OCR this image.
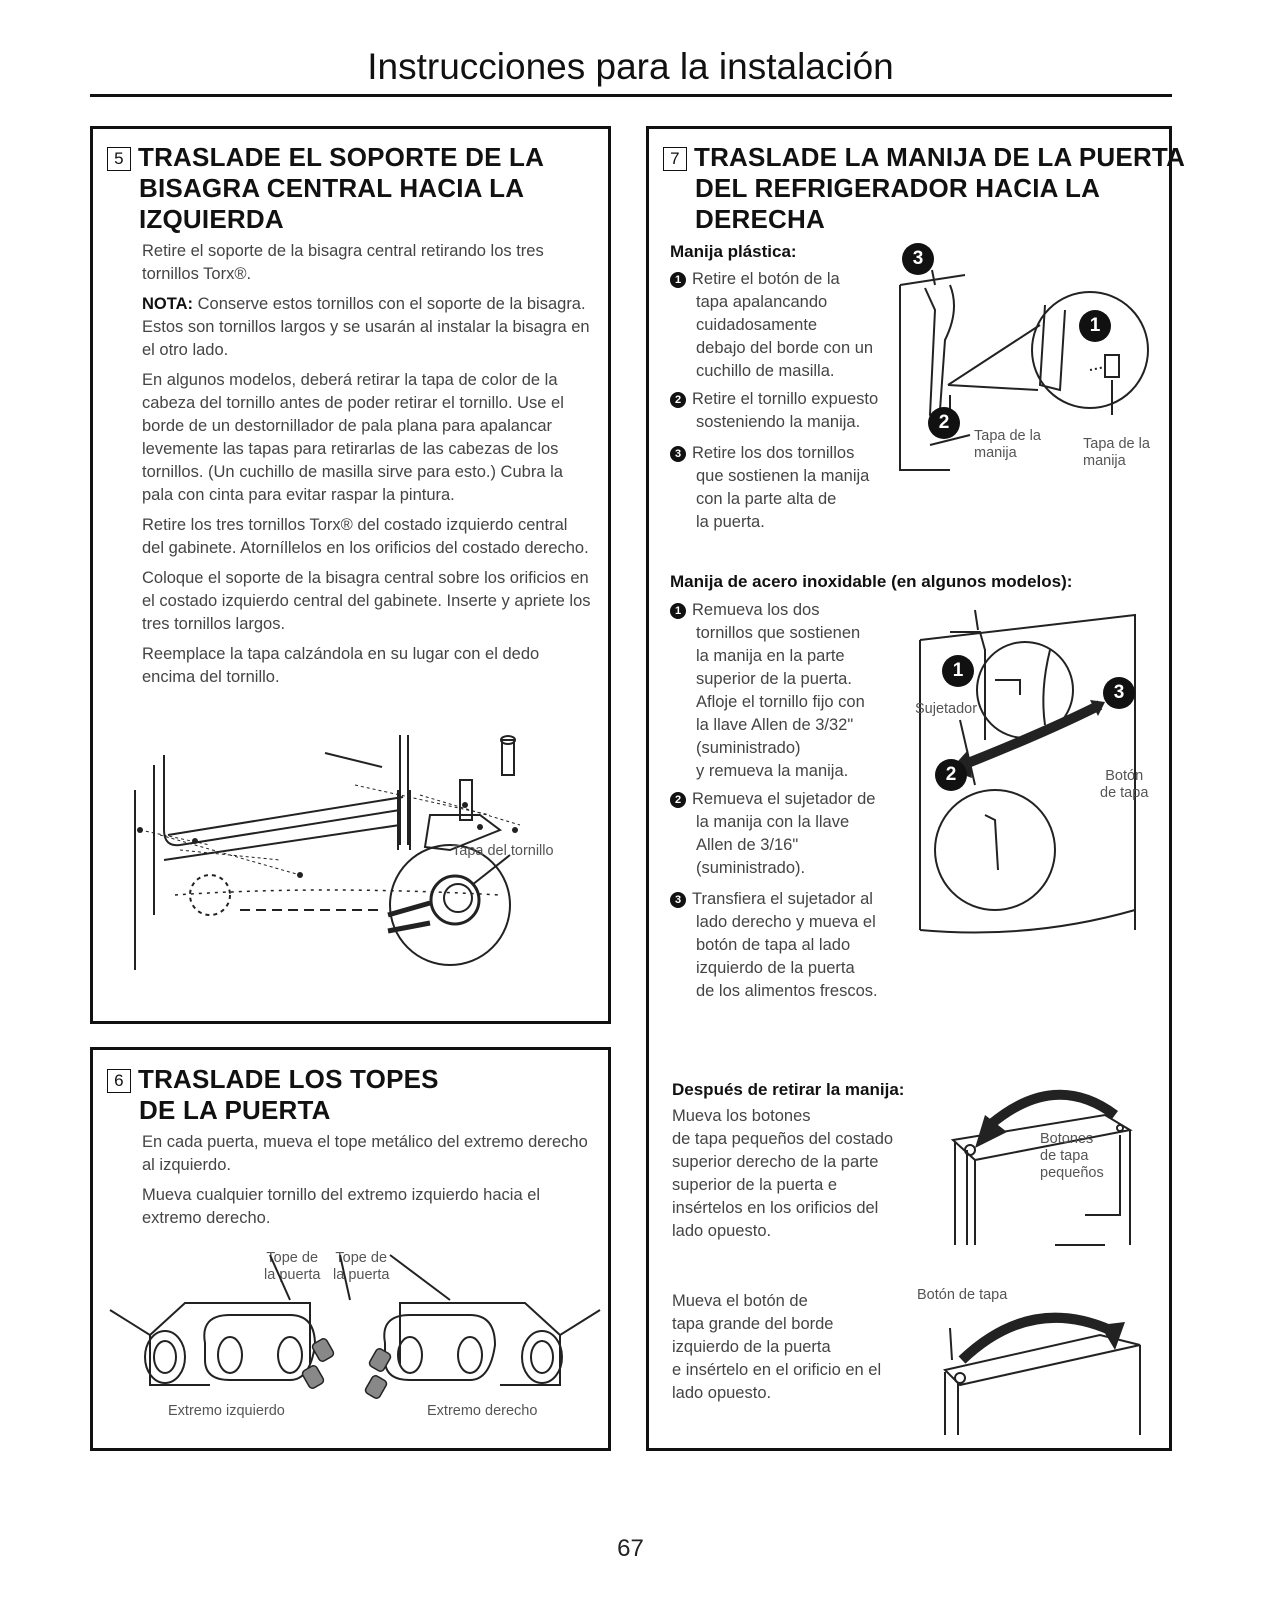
Instrucciones para la instalación
5 TRASLADE EL SOPORTE DE LA
BISAGRA CENTRAL HACIA LA
IZQUIERDA
Retire el soporte de la bisagra central retirando los tres tornillos Torx®.
NOTA: Conserve estos tornillos con el soporte de la bisagra. Estos son tornillos largos y se usarán al instalar la bisagra en el otro lado.
En algunos modelos, deberá retirar la tapa de color de la cabeza del tornillo antes de poder retirar el tornillo. Use el borde de un destornillador de pala plana para apalancar levemente las tapas para retirarlas de las cabezas de los tornillos. (Un cuchillo de masilla sirve para esto.) Cubra la pala con cinta para evitar raspar la pintura.
Retire los tres tornillos Torx® del costado izquierdo central del gabinete. Atorníllelos en los orificios del costado derecho.
Coloque el soporte de la bisagra central sobre los orificios en el costado izquierdo central del gabinete. Inserte y apriete los tres tornillos largos.
Reemplace la tapa calzándola en su lugar con el dedo encima del tornillo.
Tapa del tornillo
6 TRASLADE LOS TOPES
DE LA PUERTA
En cada puerta, mueva el tope metálico del extremo derecho al izquierdo.
Mueva cualquier tornillo del extremo izquierdo hacia el extremo derecho.
Tope de
la puerta
Tope de
la puerta
Extremo izquierdo	Extremo derecho
7 TRASLADE LA MANIJA DE LA PUERTA
DEL REFRIGERADOR HACIA LA
DERECHA
Manija plástica:
1 Retire el botón de la
tapa apalancando
cuidadosamente
debajo del borde con un
cuchillo de masilla.
2 Retire el tornillo expuesto
sosteniendo la manija.
3 Retire los dos tornillos
que sostienen la manija
con la parte alta de
la puerta.
3
1
2
Tapa de la
manija
Tapa de la
manija
Manija de acero inoxidable (en algunos modelos):
1 Remueva los dos
tornillos que sostienen
la manija en la parte
superior de la puerta.
Afloje el tornillo fijo con
la llave Allen de 3/32"
(suministrado)
y remueva la manija.
2 Remueva el sujetador de
la manija con la llave
Allen de 3/16"
(suministrado).
3 Transfiera el sujetador al
lado derecho y mueva el
botón de tapa al lado
izquierdo de la puerta
de los alimentos frescos.
1
3
2
Sujetador
Botón
de tapa
Después de retirar la manija:
Mueva los botones
de tapa pequeños del costado
superior derecho de la parte
superior de la puerta e
insértelos en los orificios del
lado opuesto.
Botones
de tapa
pequeños
Mueva el botón de
tapa grande del borde
izquierdo de la puerta
e insértelo en el orificio en el
lado opuesto.
Botón de tapa
67
